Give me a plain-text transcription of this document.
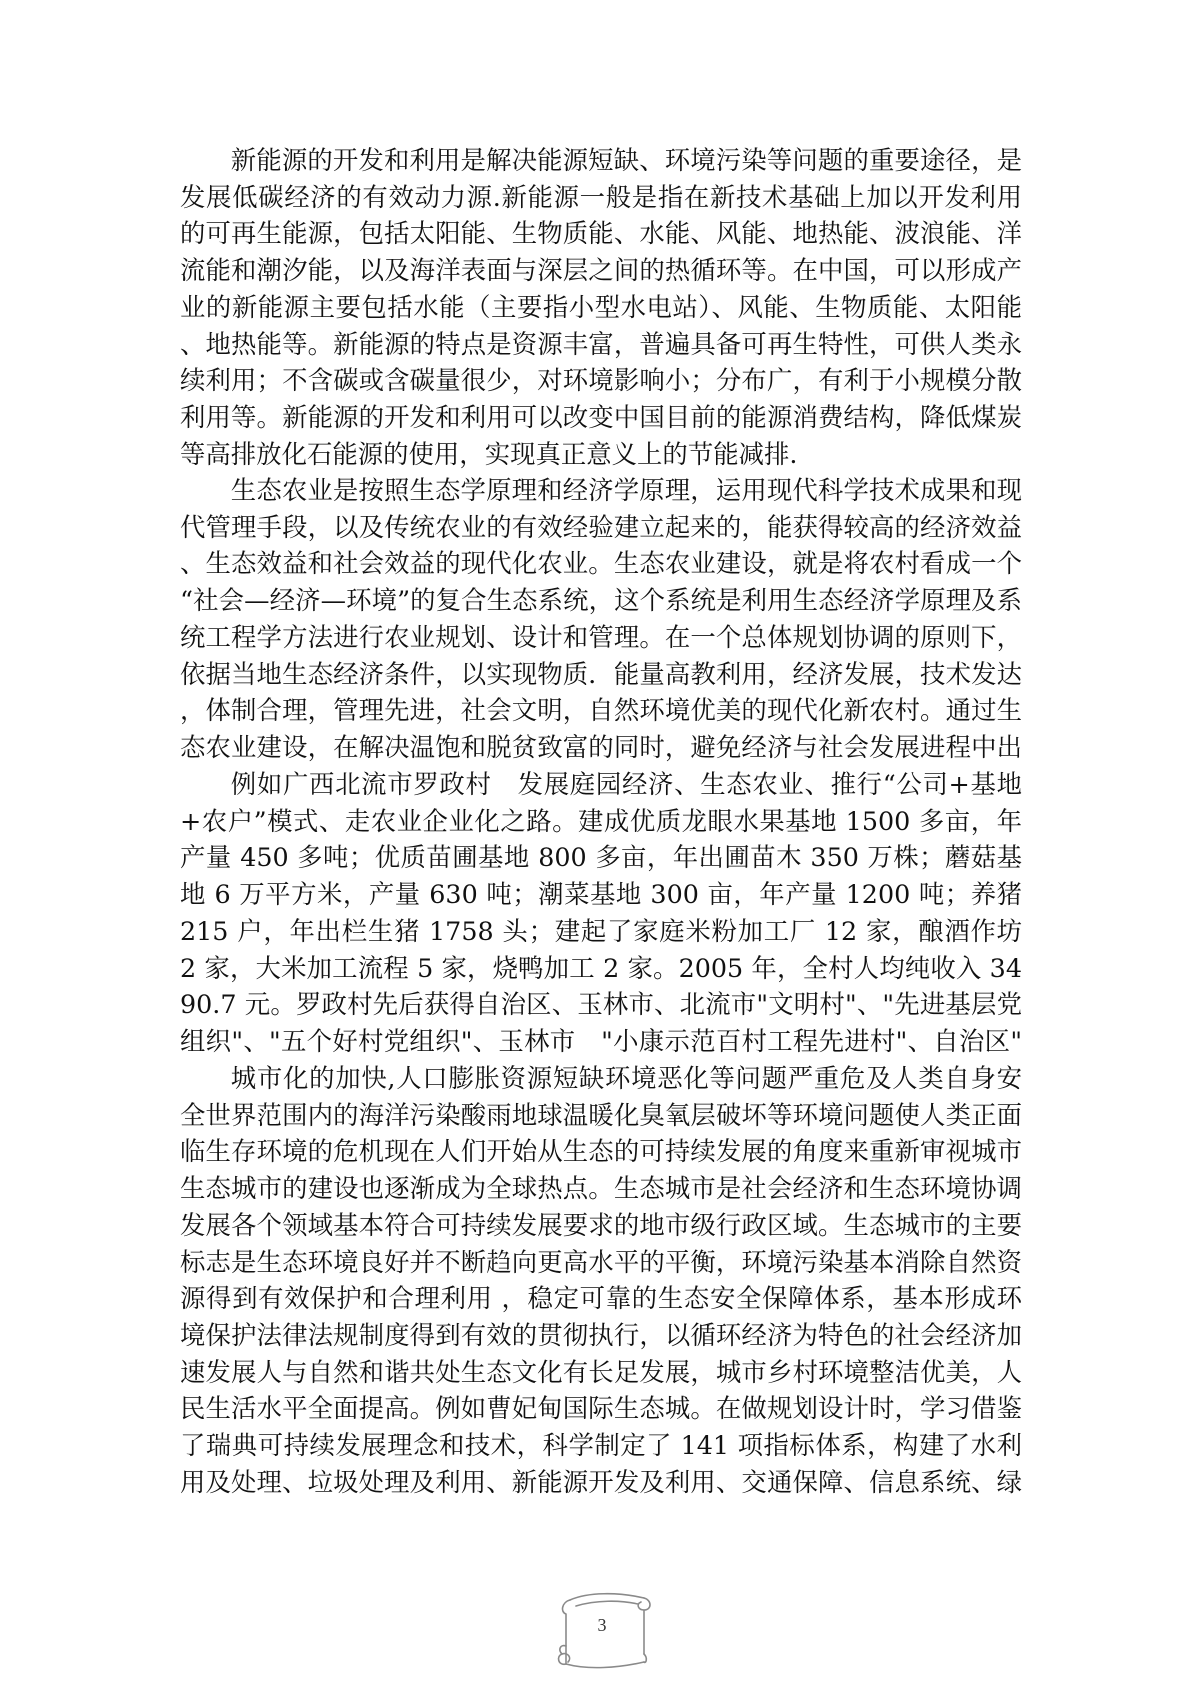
新能源的开发和利用是解决能源短缺、环境污染等问题的重要途径，是发展低碳经济的有效动力源.新能源一般是指在新技术基础上加以开发利用的可再生能源，包括太阳能、生物质能、水能、风能、地热能、波浪能、洋流能和潮汐能，以及海洋表面与深层之间的热循环等。在中国，可以形成产业的新能源主要包括水能（主要指小型水电站）、风能、生物质能、太阳能、地热能等。新能源的特点是资源丰富，普遍具备可再生特性，可供人类永续利用；不含碳或含碳量很少，对环境影响小；分布广，有利于小规模分散利用等。新能源的开发和利用可以改变中国目前的能源消费结构，降低煤炭等高排放化石能源的使用，实现真正意义上的节能减排.

生态农业是按照生态学原理和经济学原理，运用现代科学技术成果和现代管理手段，以及传统农业的有效经验建立起来的，能获得较高的经济效益、生态效益和社会效益的现代化农业。生态农业建设，就是将农村看成一个“社会—经济—环境”的复合生态系统，这个系统是利用生态经济学原理及系统工程学方法进行农业规划、设计和管理。在一个总体规划协调的原则下，依据当地生态经济条件，以实现物质．能量高教利用，经济发展，技术发达，体制合理，管理先进，社会文明，自然环境优美的现代化新农村。通过生态农业建设，在解决温饱和脱贫致富的同时，避免经济与社会发展进程中出

例如广西北流市罗政村　发展庭园经济、生态农业、推行“公司+基地+农户”模式、走农业企业化之路。建成优质龙眼水果基地 1500 多亩，年产量 450 多吨；优质苗圃基地 800 多亩，年出圃苗木 350 万株；蘑菇基地 6 万平方米，产量 630 吨；潮菜基地 300 亩，年产量 1200 吨；养猪 215 户，年出栏生猪 1758 头；建起了家庭米粉加工厂 12 家，酿酒作坊 2 家，大米加工流程 5 家，烧鸭加工 2 家。2005 年，全村人均纯收入 3490.7 元。罗政村先后获得自治区、玉林市、北流市"文明村"、"先进基层党组织"、"五个好村党组织"、玉林市　"小康示范百村工程先进村"、自治区"

城市化的加快,人口膨胀资源短缺环境恶化等问题严重危及人类自身安全世界范围内的海洋污染酸雨地球温暖化臭氧层破坏等环境问题使人类正面临生存环境的危机现在人们开始从生态的可持续发展的角度来重新审视城市生态城市的建设也逐渐成为全球热点。生态城市是社会经济和生态环境协调发展各个领域基本符合可持续发展要求的地市级行政区域。生态城市的主要标志是生态环境良好并不断趋向更高水平的平衡，环境污染基本消除自然资源得到有效保护和合理利用 ，稳定可靠的生态安全保障体系，基本形成环境保护法律法规制度得到有效的贯彻执行，以循环经济为特色的社会经济加速发展人与自然和谐共处生态文化有长足发展，城市乡村环境整洁优美，人民生活水平全面提高。例如曹妃甸国际生态城。在做规划设计时，学习借鉴了瑞典可持续发展理念和技术，科学制定了 141 项指标体系，构建了水利用及处理、垃圾处理及利用、新能源开发及利用、交通保障、信息系统、绿

3
